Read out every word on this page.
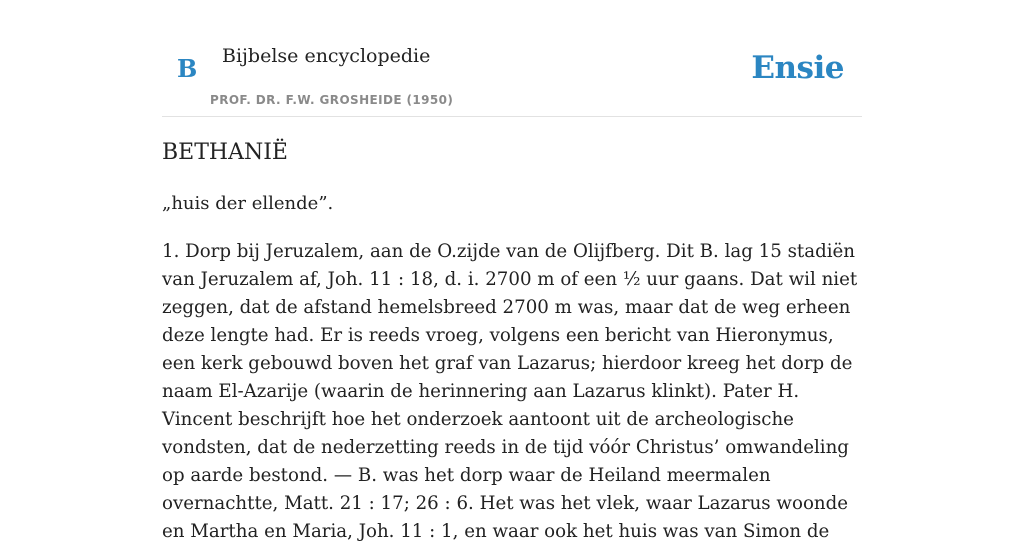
B Bijbelse encyclopedie
PROF. DR. F.W. GROSHEIDE (1950)
Ensie
BETHANIË
„huis der ellende”.

1. Dorp bij Jeruzalem, aan de O.zijde van de Olijfberg. Dit B. lag 15 stadiën van Jeruzalem af, Joh. 11 : 18, d. i. 2700 m of een ½ uur gaans. Dat wil niet zeggen, dat de afstand hemelsbreed 2700 m was, maar dat de weg erheen deze lengte had. Er is reeds vroeg, volgens een bericht van Hieronymus, een kerk gebouwd boven het graf van Lazarus; hierdoor kreeg het dorp de naam El-Azarije (waarin de herinnering aan Lazarus klinkt). Pater H. Vincent beschrijft hoe het onderzoek aantoont uit de archeologische vondsten, dat de nederzetting reeds in de tijd vóór Christus’ omwandeling op aarde bestond. — B. was het dorp waar de Heiland meermalen overnachtte, Matt. 21 : 17; 26 : 6. Het was het vlek, waar Lazarus woonde en Martha en Maria, Joh. 11 : 1, en waar ook het huis was van Simon de
